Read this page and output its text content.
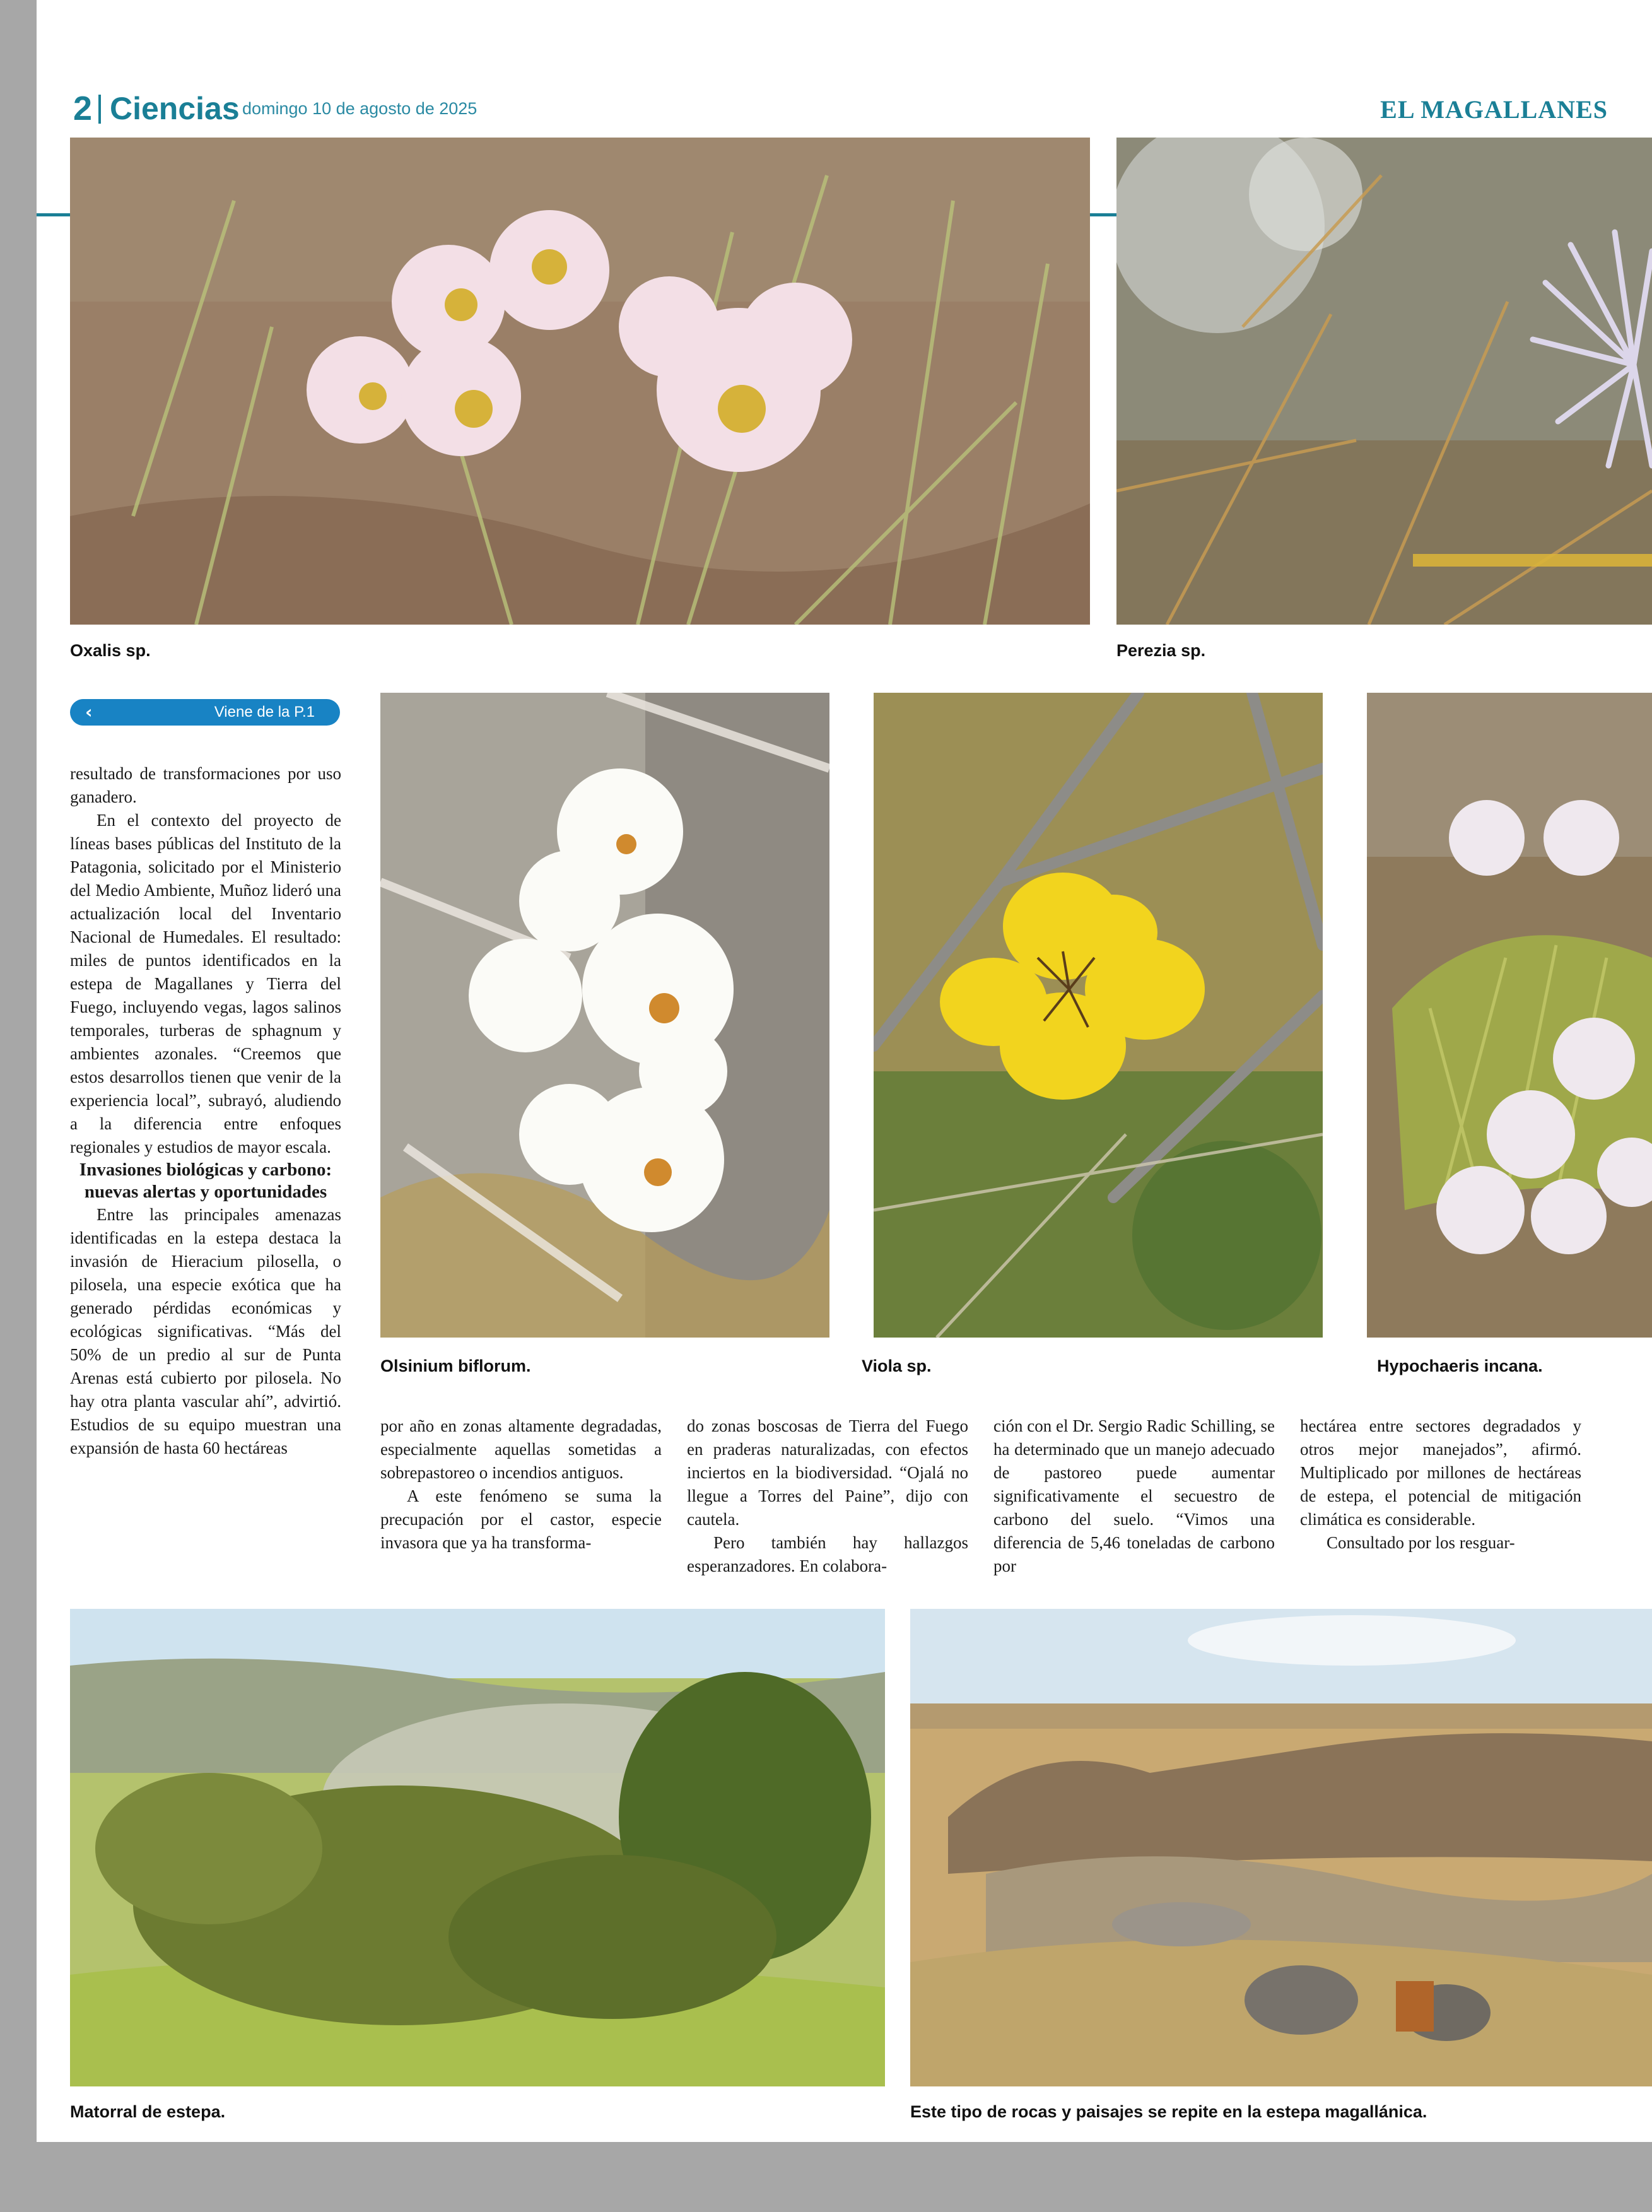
2 Ciencias domingo 10 de agosto de 2025	EL MAGALLANES
Oxalis sp.	Perezia sp.
‹	Viene de la P.1

resultado de transformaciones por uso ganadero.

En el contexto del proyecto de líneas bases públicas del Instituto de la Patagonia, solicitado por el Ministerio del Medio Ambiente, Muñoz lideró una actualización local del Inventario Nacional de Humedales. El resultado: miles de puntos identificados en la estepa de Magallanes y Tierra del Fuego, incluyendo vegas, lagos salinos temporales, turberas de sphagnum y ambientes azonales. “Creemos que estos desarrollos tienen que venir de la experiencia local”, subrayó, aludiendo a la diferencia entre enfoques regionales y estudios de mayor escala.

Invasiones biológicas y carbono: nuevas alertas y oportunidades

Entre las principales amenazas identificadas en la estepa destaca la invasión de Hieracium pilosella, o pilosela, una especie exótica que ha generado pérdidas económicas y ecológicas significativas. “Más del 50% de un predio al sur de Punta Arenas está cubierto por pilosela. No hay otra planta vascular ahí”, advirtió. Estudios de su equipo muestran una expansión de hasta 60 hectáreas

Olsinium biflorum.	Viola sp.	Hypochaeris incana.

por año en zonas altamente degradadas, especialmente aquellas sometidas a sobrepastoreo o incendios antiguos.

A este fenómeno se suma la precupación por el castor, especie invasora que ya ha transforma-

do zonas boscosas de Tierra del Fuego en praderas naturalizadas, con efectos inciertos en la biodiversidad. “Ojalá no llegue a Torres del Paine”, dijo con cautela.

Pero también hay hallazgos esperanzadores. En colabora-

ción con el Dr. Sergio Radic Schilling, se ha determinado que un manejo adecuado de pastoreo puede aumentar significativamente el secuestro de carbono del suelo. “Vimos una diferencia de 5,46 toneladas de carbono por

hectárea entre sectores degradados y otros mejor manejados”, afirmó. Multiplicado por millones de hectáreas de estepa, el potencial de mitigación climática es considerable.

Consultado por los resguar-

Matorral de estepa.	Este tipo de rocas y paisajes se repite en la estepa magallánica.
